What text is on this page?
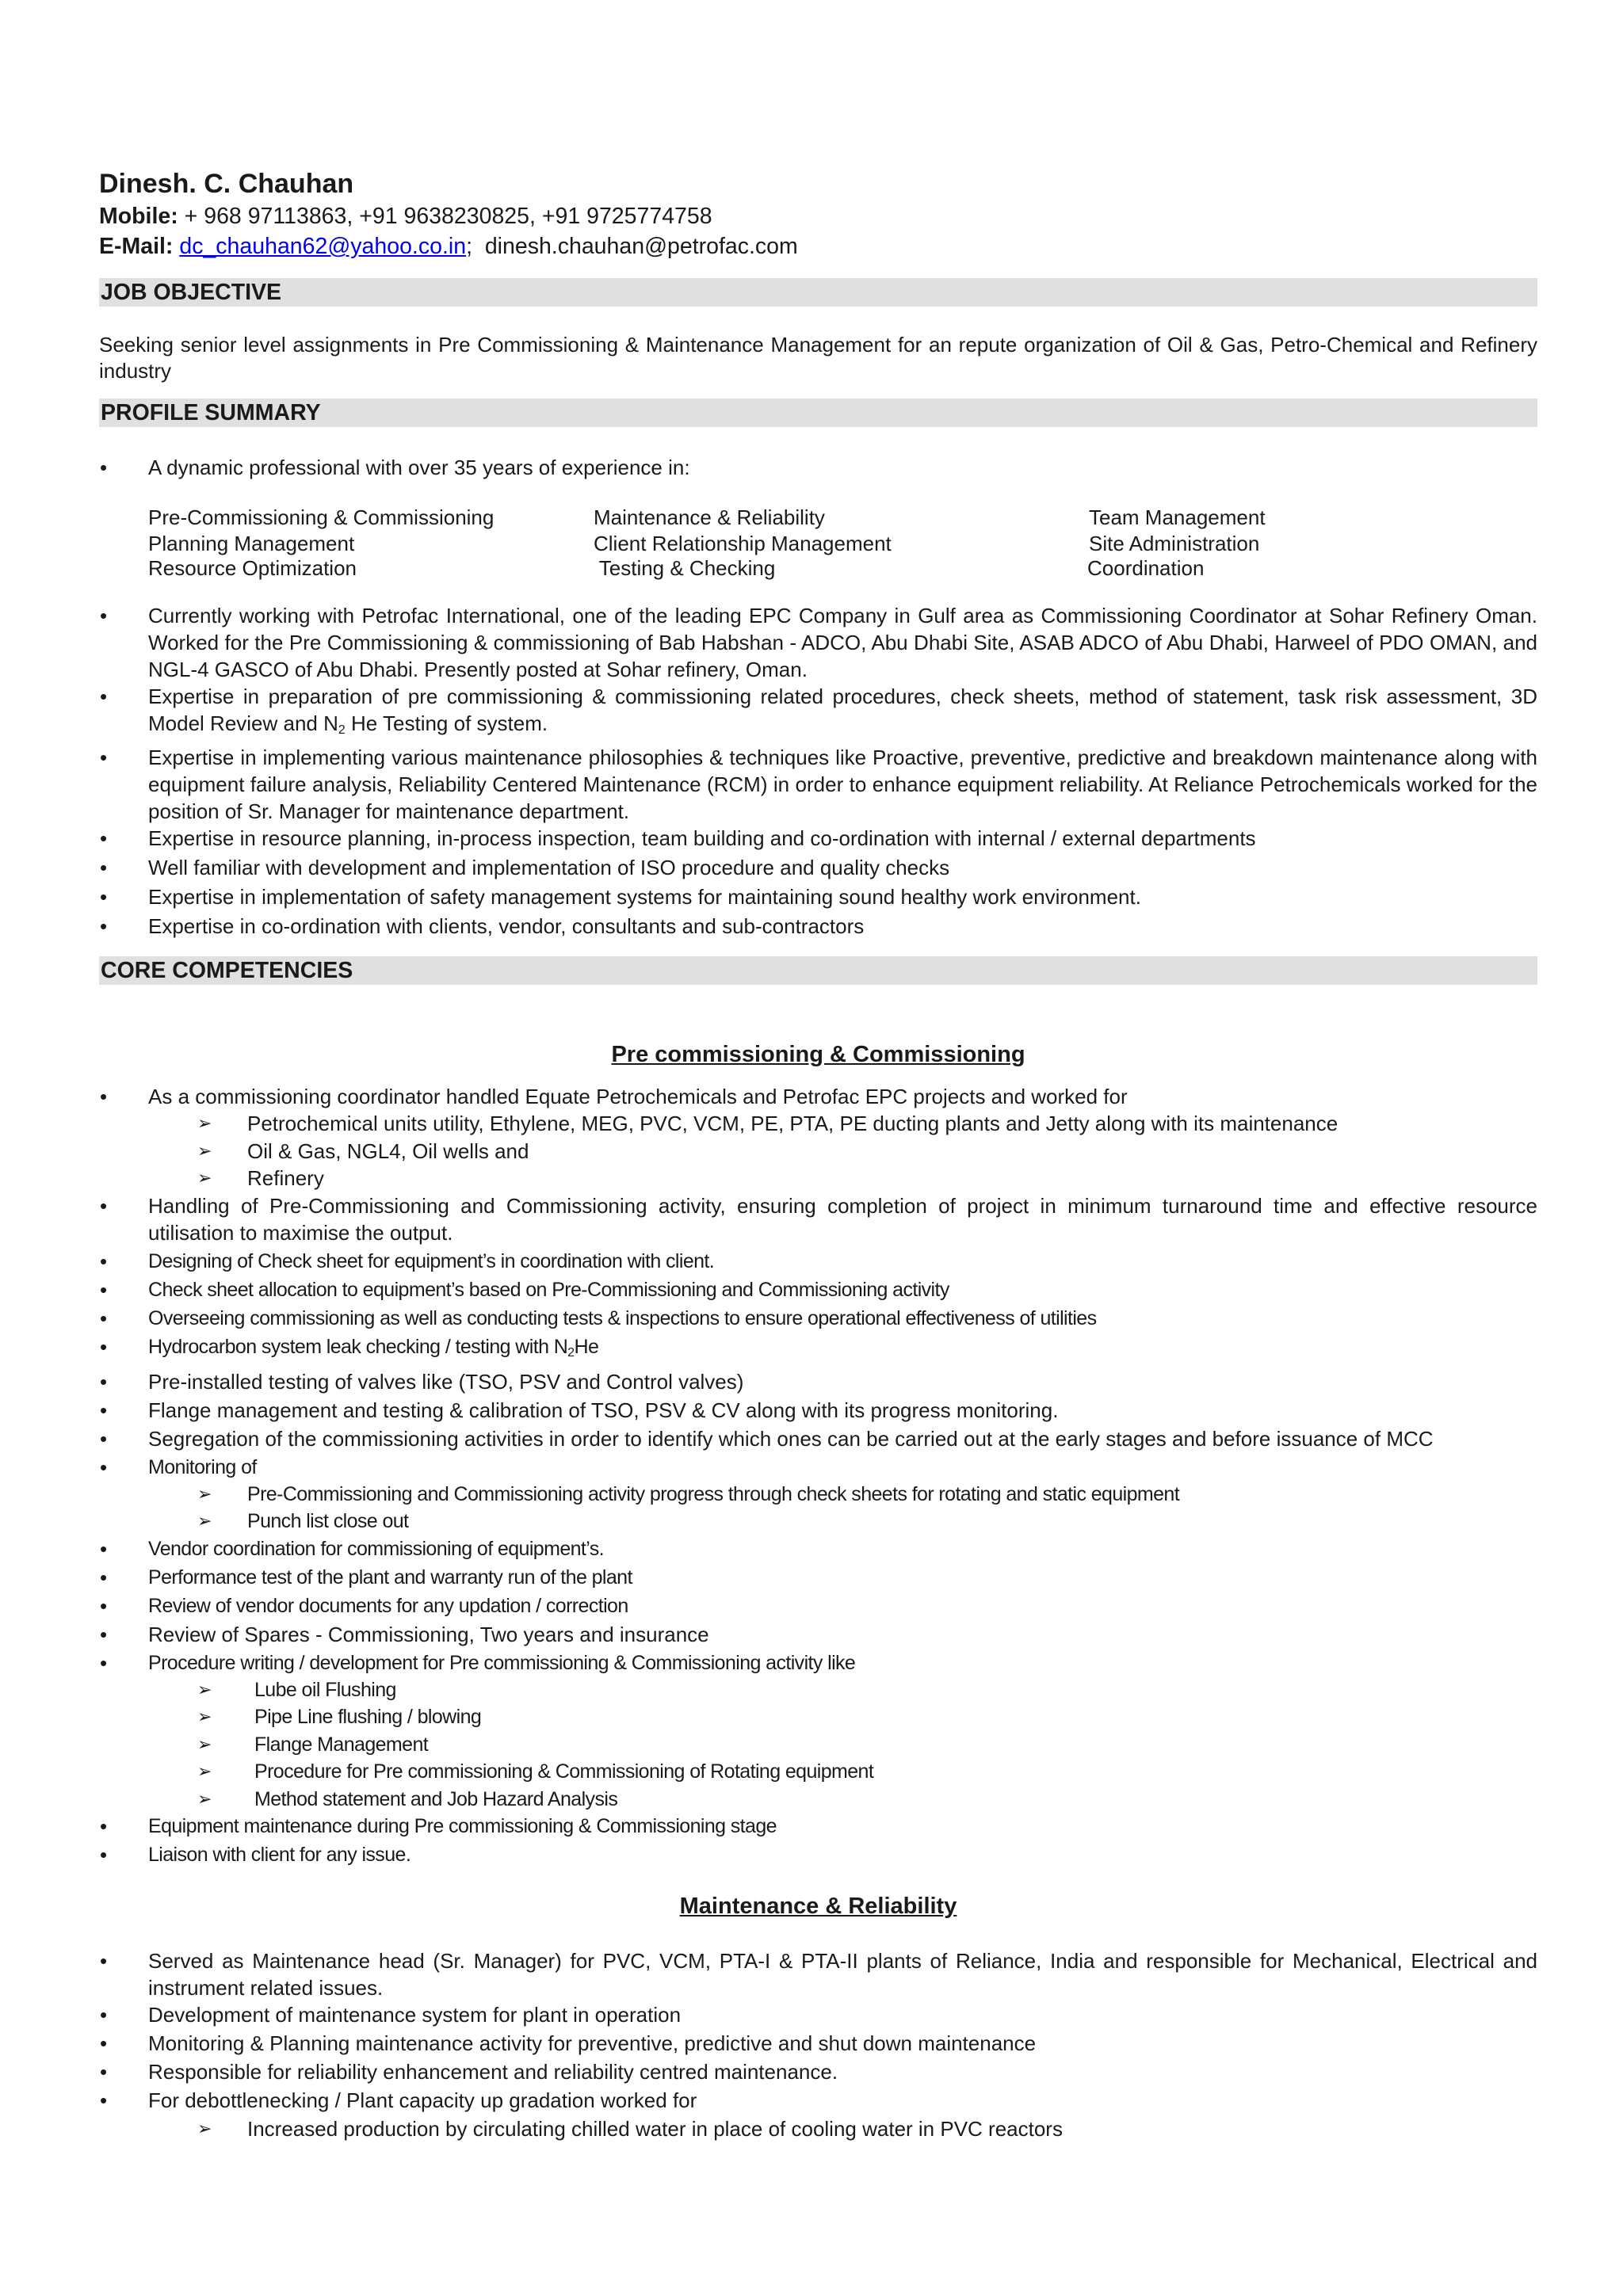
Dinesh. C. Chauhan
Mobile: + 968 97113863, +91 9638230825, +91 9725774758
E-Mail: dc_chauhan62@yahoo.co.in;  dinesh.chauhan@petrofac.com
JOB OBJECTIVE
Seeking senior level assignments in Pre Commissioning & Maintenance Management for an repute organization of Oil & Gas, Petro-Chemical and Refinery industry
PROFILE SUMMARY
• A dynamic professional with over 35 years of experience in:
Pre-Commissioning & Commissioning	Maintenance & Reliability	Team Management
Planning Management	Client Relationship Management	Site Administration
Resource Optimization	Testing & Checking	Coordination
• Currently working with Petrofac International, one of the leading EPC Company in Gulf area as Commissioning Coordinator at Sohar Refinery Oman. Worked for the Pre Commissioning & commissioning of Bab Habshan - ADCO, Abu Dhabi Site, ASAB ADCO of Abu Dhabi, Harweel of PDO OMAN, and NGL-4 GASCO of Abu Dhabi. Presently posted at Sohar refinery, Oman.
• Expertise in preparation of pre commissioning & commissioning related procedures, check sheets, method of statement, task risk assessment, 3D Model Review and $N_2$ He Testing of system.
• Expertise in implementing various maintenance philosophies & techniques like Proactive, preventive, predictive and breakdown maintenance along with equipment failure analysis, Reliability Centered Maintenance (RCM) in order to enhance equipment reliability. At Reliance Petrochemicals worked for the position of Sr. Manager for maintenance department.
• Expertise in resource planning, in-process inspection, team building and co-ordination with internal / external departments
• Well familiar with development and implementation of ISO procedure and quality checks
• Expertise in implementation of safety management systems for maintaining sound healthy work environment.
• Expertise in co-ordination with clients, vendor, consultants and sub-contractors
CORE COMPETENCIES
Pre commissioning & Commissioning
• As a commissioning coordinator handled Equate Petrochemicals and Petrofac EPC projects and worked for
➢ Petrochemical units utility, Ethylene, MEG, PVC, VCM, PE, PTA, PE ducting plants and Jetty along with its maintenance
➢ Oil & Gas, NGL4, Oil wells and
➢ Refinery
• Handling of Pre-Commissioning and Commissioning activity, ensuring completion of project in minimum turnaround time and effective resource utilisation to maximise the output.
• Designing of Check sheet for equipment’s in coordination with client.
• Check sheet allocation to equipment’s based on Pre-Commissioning and Commissioning activity
• Overseeing commissioning as well as conducting tests & inspections to ensure operational effectiveness of utilities
• Hydrocarbon system leak checking / testing with $N_2He$
• Pre-installed testing of valves like (TSO, PSV and Control valves)
• Flange management and testing & calibration of TSO, PSV & CV along with its progress monitoring.
• Segregation of the commissioning activities in order to identify which ones can be carried out at the early stages and before issuance of MCC
• Monitoring of
➢ Pre-Commissioning and Commissioning activity progress through check sheets for rotating and static equipment
➢ Punch list close out
• Vendor coordination for commissioning of equipment’s.
• Performance test of the plant and warranty run of the plant
• Review of vendor documents for any updation / correction
• Review of Spares - Commissioning, Two years and insurance
• Procedure writing / development for Pre commissioning & Commissioning activity like
➢ Lube oil Flushing
➢ Pipe Line flushing / blowing
➢ Flange Management
➢ Procedure for Pre commissioning & Commissioning of Rotating equipment
➢ Method statement and Job Hazard Analysis
• Equipment maintenance during Pre commissioning & Commissioning stage
• Liaison with client for any issue.
Maintenance & Reliability
• Served as Maintenance head (Sr. Manager) for PVC, VCM, PTA-I & PTA-II plants of Reliance, India and responsible for Mechanical, Electrical and instrument related issues.
• Development of maintenance system for plant in operation
• Monitoring & Planning maintenance activity for preventive, predictive and shut down maintenance
• Responsible for reliability enhancement and reliability centred maintenance.
• For debottlenecking / Plant capacity up gradation worked for
➢ Increased production by circulating chilled water in place of cooling water in PVC reactors
